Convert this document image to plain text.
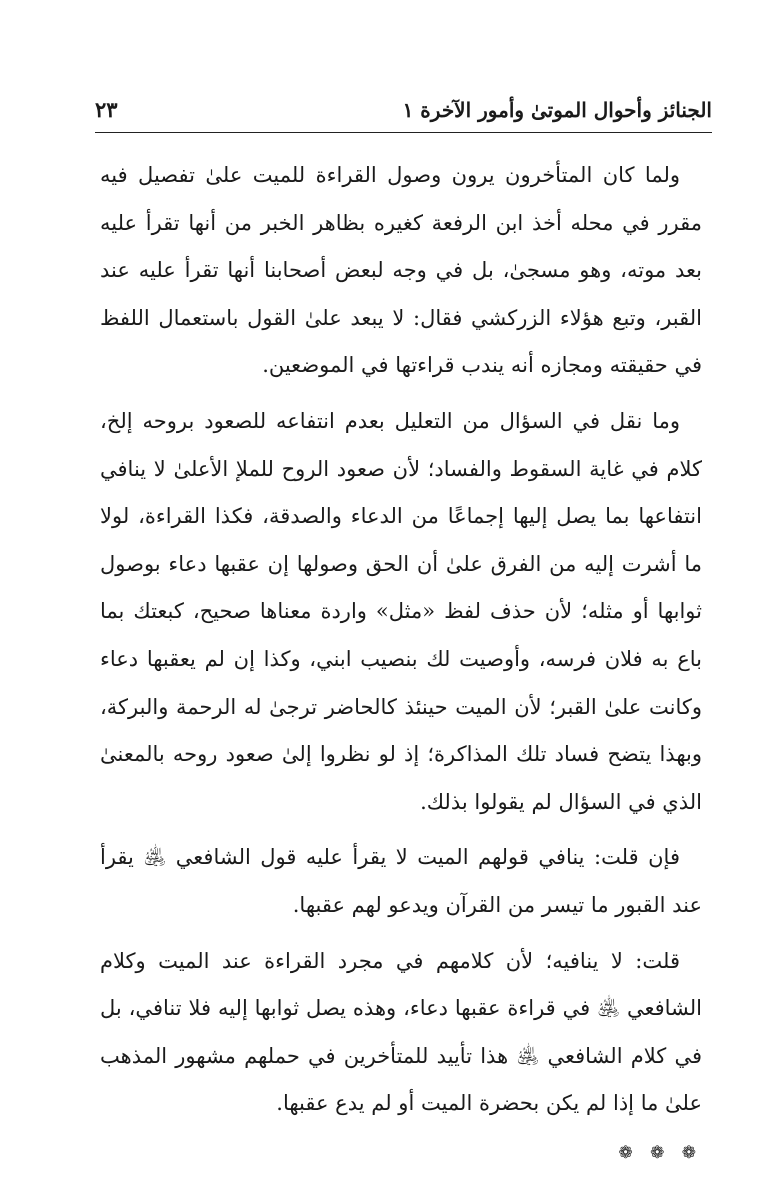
الجنائز وأحوال الموتىٰ وأمور الآخرة ١
٢٣

ولما كان المتأخرون يرون وصول القراءة للميت علىٰ تفصيل فيه مقرر في محله أخذ ابن الرفعة كغيره بظاهر الخبر من أنها تقرأ عليه بعد موته، وهو مسجىٰ، بل في وجه لبعض أصحابنا أنها تقرأ عليه عند القبر، وتبع هؤلاء الزركشي فقال: لا يبعد علىٰ القول باستعمال اللفظ في حقيقته ومجازه أنه يندب قراءتها في الموضعين.

وما نقل في السؤال من التعليل بعدم انتفاعه للصعود بروحه إلخ، كلام في غاية السقوط والفساد؛ لأن صعود الروح للملإ الأعلىٰ لا ينافي انتفاعها بما يصل إليها إجماعًا من الدعاء والصدقة، فكذا القراءة، لولا ما أشرت إليه من الفرق علىٰ أن الحق وصولها إن عقبها دعاء بوصول ثوابها أو مثله؛ لأن حذف لفظ «مثل» واردة معناها صحيح، كبعتك بما باع به فلان فرسه، وأوصيت لك بنصيب ابني، وكذا إن لم يعقبها دعاء وكانت علىٰ القبر؛ لأن الميت حينئذ كالحاضر ترجىٰ له الرحمة والبركة، وبهذا يتضح فساد تلك المذاكرة؛ إذ لو نظروا إلىٰ صعود روحه بالمعنىٰ الذي في السؤال لم يقولوا بذلك.

فإن قلت: ينافي قولهم الميت لا يقرأ عليه قول الشافعي ﵁ يقرأ عند القبور ما تيسر من القرآن ويدعو لهم عقبها.

قلت: لا ينافيه؛ لأن كلامهم في مجرد القراءة عند الميت وكلام الشافعي ﵁ في قراءة عقبها دعاء، وهذه يصل ثوابها إليه فلا تنافي، بل في كلام الشافعي ﵁ هذا تأييد للمتأخرين في حملهم مشهور المذهب علىٰ ما إذا لم يكن بحضرة الميت أو لم يدع عقبها.

❁ ❁ ❁
